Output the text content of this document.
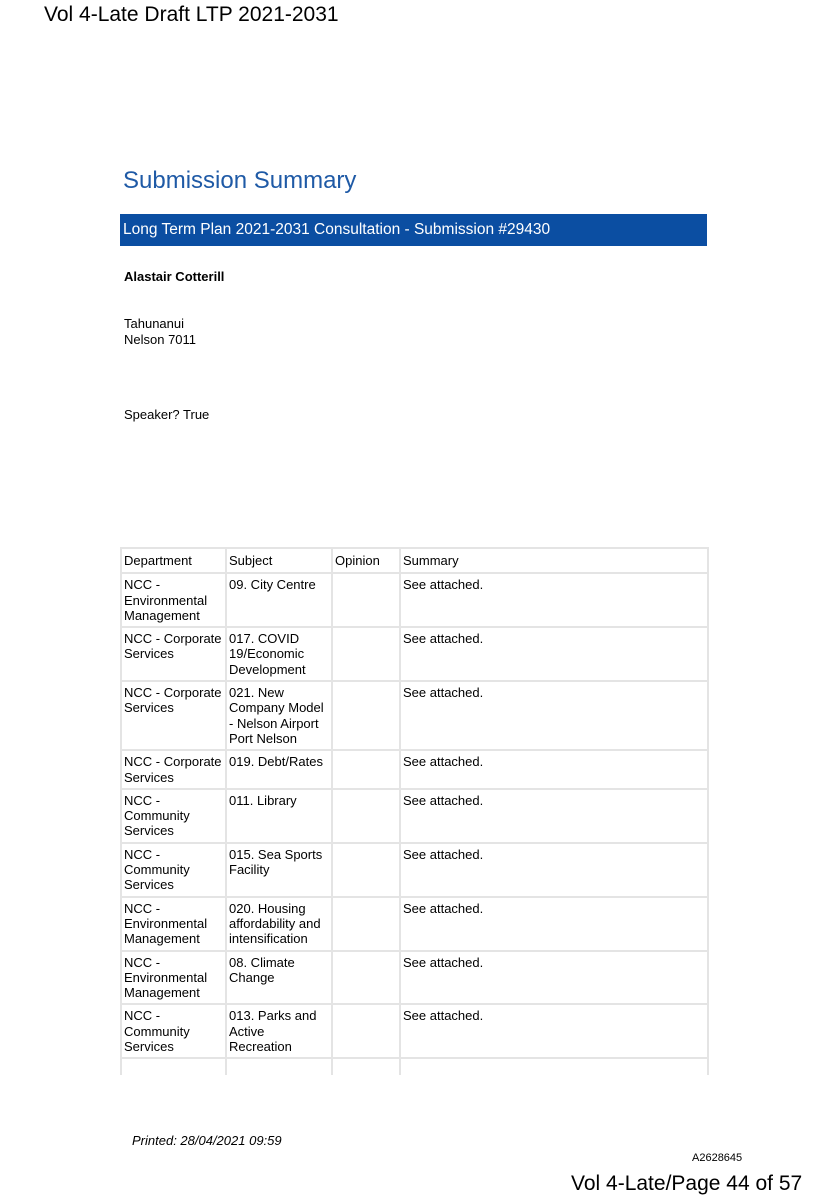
Vol 4-Late Draft LTP 2021-2031
Submission Summary
Long Term Plan 2021-2031 Consultation - Submission #29430
Alastair Cotterill
Tahunanui
Nelson 7011
Speaker? True
Department	Subject	Opinion	Summary
NCC - Environmental Management	09. City Centre		See attached.
NCC - Corporate Services	017. COVID 19/Economic Development		See attached.
NCC - Corporate Services	021. New Company Model - Nelson Airport Port Nelson		See attached.
NCC - Corporate Services	019. Debt/Rates		See attached.
NCC - Community Services	011. Library		See attached.
NCC - Community Services	015. Sea Sports Facility		See attached.
NCC - Environmental Management	020. Housing affordability and intensification		See attached.
NCC - Environmental Management	08. Climate Change		See attached.
NCC - Community Services	013. Parks and Active Recreation		See attached.

Printed: 28/04/2021 09:59
A2628645
Vol 4-Late/Page 44 of 57
